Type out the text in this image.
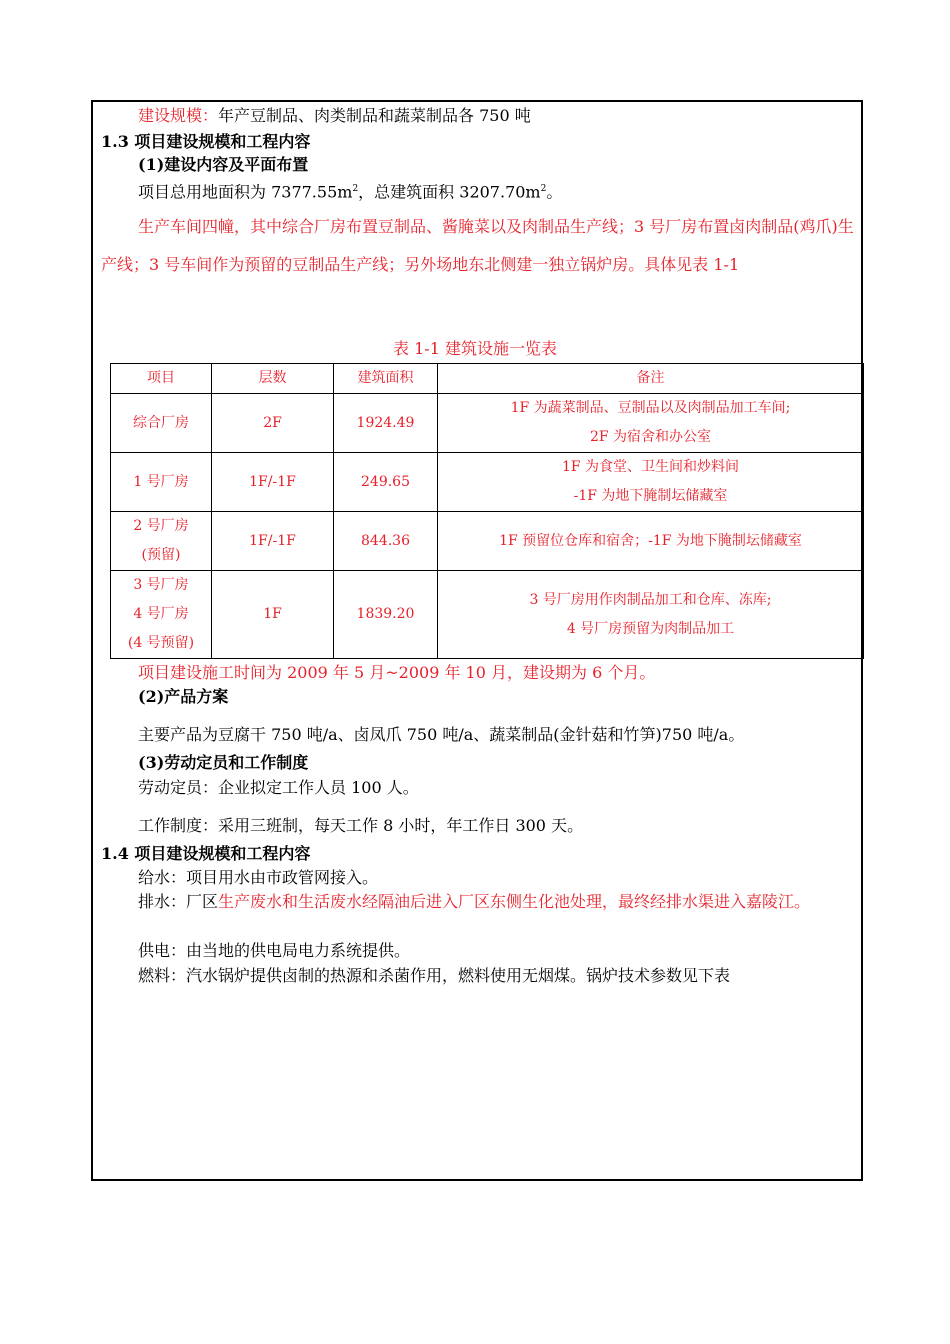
建设规模：年产豆制品、肉类制品和蔬菜制品各 750 吨
1.3 项目建设规模和工程内容
(1)建设内容及平面布置
项目总用地面积为 $7377.55m^2$，总建筑面积 $3207.70m^2$。
生产车间四幢，其中综合厂房布置豆制品、酱腌菜以及肉制品生产线；3 号厂房布置卤肉制品(鸡爪)生产线；3 号车间作为预留的豆制品生产线；另外场地东北侧建一独立锅炉房。具体见表 1-1
表 1-1 建筑设施一览表
项目	层数	建筑面积	备注
综合厂房	2F	1924.49	1F 为蔬菜制品、豆制品以及肉制品加工车间;
2F 为宿舍和办公室

1 号厂房	1F/-1F	249.65	1F 为食堂、卫生间和炒料间
-1F 为地下腌制坛储藏室

2 号厂房
(预留)	1F/-1F	844.36	1F 预留位仓库和宿舍；-1F 为地下腌制坛储藏室

3 号厂房
4 号厂房
(4 号预留)	1F	1839.20	3 号厂房用作肉制品加工和仓库、冻库;
4 号厂房预留为肉制品加工
项目建设施工时间为 2009 年 5 月~2009 年 10 月，建设期为 6 个月。
(2)产品方案
主要产品为豆腐干 750 吨/a、卤凤爪 750 吨/a、蔬菜制品(金针菇和竹笋)750 吨/a。
(3)劳动定员和工作制度
劳动定员：企业拟定工作人员 100 人。
工作制度：采用三班制，每天工作 8 小时，年工作日 300 天。
1.4 项目建设规模和工程内容
给水：项目用水由市政管网接入。
排水：厂区生产废水和生活废水经隔油后进入厂区东侧生化池处理，最终经排水渠进入嘉陵江。
供电：由当地的供电局电力系统提供。
燃料：汽水锅炉提供卤制的热源和杀菌作用，燃料使用无烟煤。锅炉技术参数见下表
